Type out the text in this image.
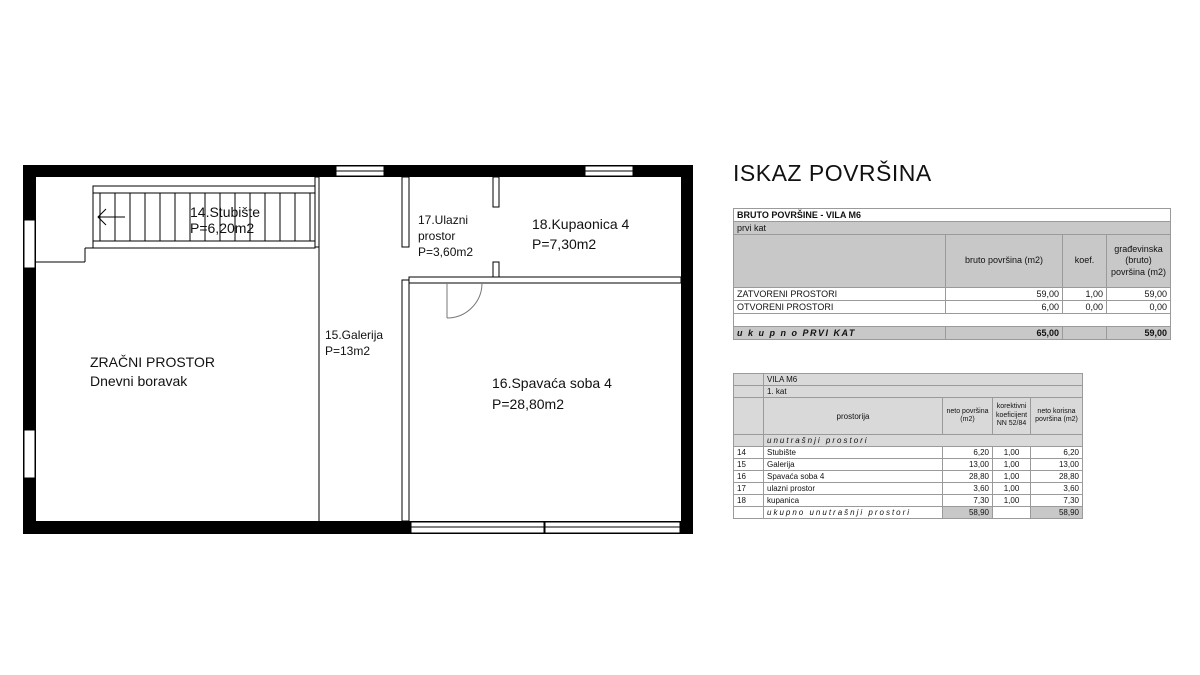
14.Stubište
P=6,20m2	17.Ulazni
prostor
P=3,60m2
18.Kupaonica 4
P=7,30m2
15.Galerija
P=13m2
ZRAČNI PROSTOR
Dnevni boravak	16.Spavaća soba 4
P=28,80m2
ISKAZ POVRŠINA
BRUTO POVRŠINE - VILA M6			
prvi kat			
	bruto površina (m2)	koef.	građevinska (bruto) površina (m2)
ZATVORENI PROSTORI	59,00	1,00	59,00
OTVORENI PROSTORI	6,00	0,00	0,00

u k u p n o PRVI KAT	65,00		59,00
	VILA M6			
	1. kat			
	prostorija	neto površina (m2)	korektivni koeficijent NN 52/84	neto korisna površina (m2)
	unutrašnji prostori			
14	Stubište	6,20	1,00	6,20
15	Galerija	13,00	1,00	13,00
16	Spavaća soba 4	28,80	1,00	28,80
17	ulazni prostor	3,60	1,00	3,60
18	kupanica	7,30	1,00	7,30
	ukupno unutrašnji prostori	58,90		58,90
